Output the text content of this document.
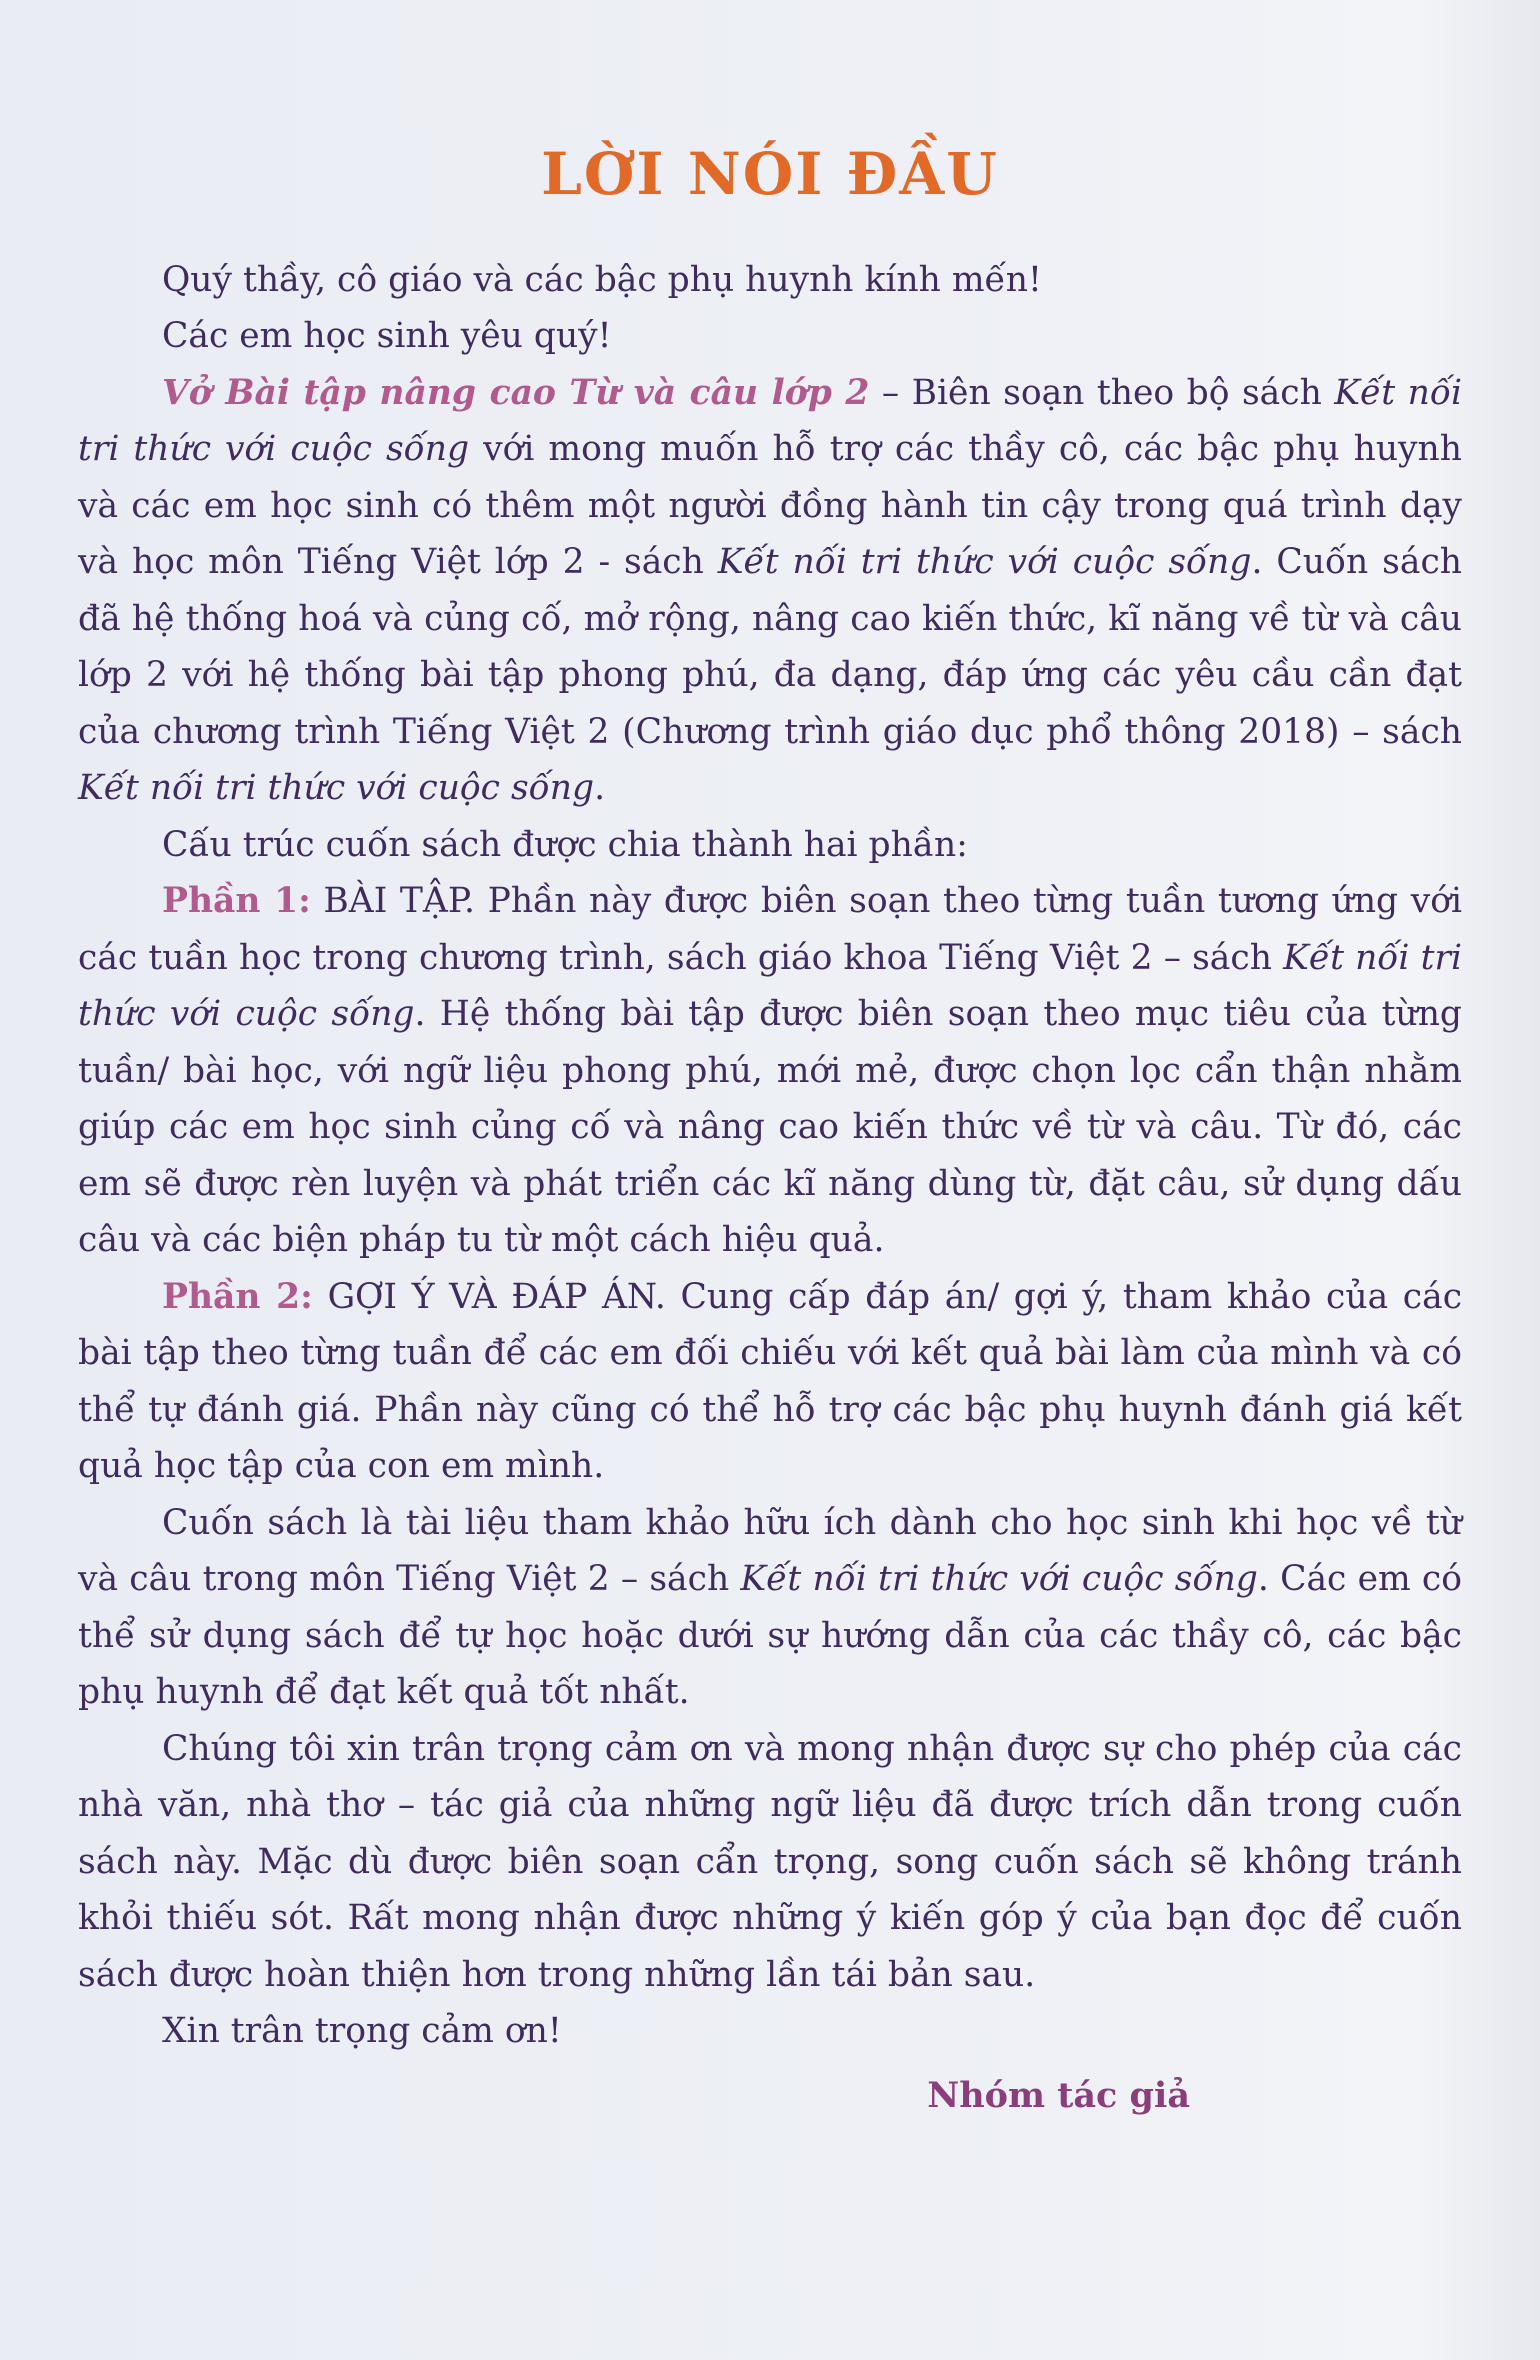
LỜI NÓI ĐẦU

Quý thầy, cô giáo và các bậc phụ huynh kính mến!

Các em học sinh yêu quý!

Vở Bài tập nâng cao Từ và câu lớp 2 – Biên soạn theo bộ sách Kết nối tri thức với cuộc sống với mong muốn hỗ trợ các thầy cô, các bậc phụ huynh và các em học sinh có thêm một người đồng hành tin cậy trong quá trình dạy và học môn Tiếng Việt lớp 2 - sách Kết nối tri thức với cuộc sống. Cuốn sách đã hệ thống hoá và củng cố, mở rộng, nâng cao kiến thức, kĩ năng về từ và câu lớp 2 với hệ thống bài tập phong phú, đa dạng, đáp ứng các yêu cầu cần đạt của chương trình Tiếng Việt 2 (Chương trình giáo dục phổ thông 2018) – sách Kết nối tri thức với cuộc sống.

Cấu trúc cuốn sách được chia thành hai phần:

Phần 1: BÀI TẬP. Phần này được biên soạn theo từng tuần tương ứng với các tuần học trong chương trình, sách giáo khoa Tiếng Việt 2 – sách Kết nối tri thức với cuộc sống. Hệ thống bài tập được biên soạn theo mục tiêu của từng tuần/ bài học, với ngữ liệu phong phú, mới mẻ, được chọn lọc cẩn thận nhằm giúp các em học sinh củng cố và nâng cao kiến thức về từ và câu. Từ đó, các em sẽ được rèn luyện và phát triển các kĩ năng dùng từ, đặt câu, sử dụng dấu câu và các biện pháp tu từ một cách hiệu quả.

Phần 2: GỢI Ý VÀ ĐÁP ÁN. Cung cấp đáp án/ gợi ý, tham khảo của các bài tập theo từng tuần để các em đối chiếu với kết quả bài làm của mình và có thể tự đánh giá. Phần này cũng có thể hỗ trợ các bậc phụ huynh đánh giá kết quả học tập của con em mình.

Cuốn sách là tài liệu tham khảo hữu ích dành cho học sinh khi học về từ và câu trong môn Tiếng Việt 2 – sách Kết nối tri thức với cuộc sống. Các em có thể sử dụng sách để tự học hoặc dưới sự hướng dẫn của các thầy cô, các bậc phụ huynh để đạt kết quả tốt nhất.

Chúng tôi xin trân trọng cảm ơn và mong nhận được sự cho phép của các nhà văn, nhà thơ – tác giả của những ngữ liệu đã được trích dẫn trong cuốn sách này. Mặc dù được biên soạn cẩn trọng, song cuốn sách sẽ không tránh khỏi thiếu sót. Rất mong nhận được những ý kiến góp ý của bạn đọc để cuốn sách được hoàn thiện hơn trong những lần tái bản sau.

Xin trân trọng cảm ơn!

Nhóm tác giả
